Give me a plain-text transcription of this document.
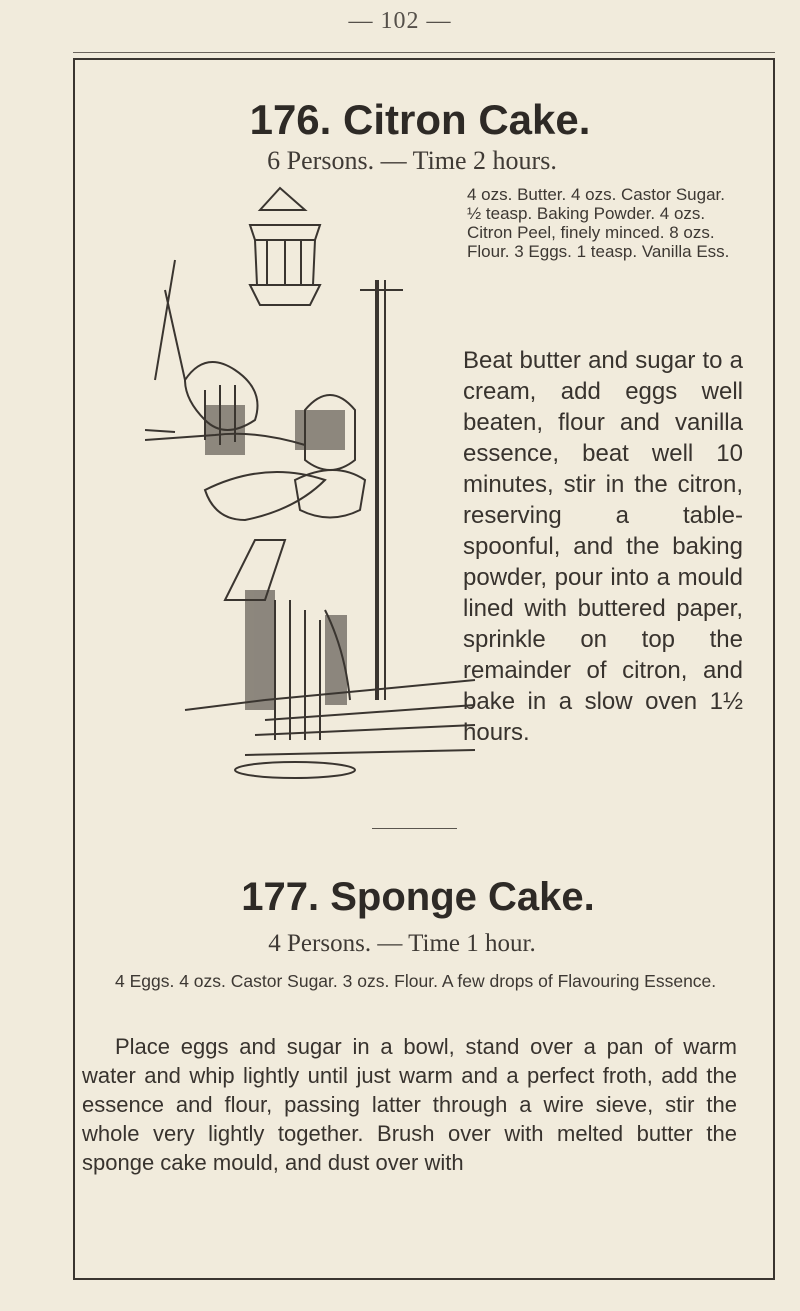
— 102 —
176. Citron Cake.
6 Persons. — Time 2 hours.
4 ozs. Butter. 4 ozs. Castor Sugar. ½ teasp. Baking Powder. 4 ozs. Citron Peel, finely minced. 8 ozs. Flour. 3 Eggs. 1 teasp. Vanilla Ess.
Beat butter and sugar to a cream, add eggs well beaten, flour and vanilla essence, beat well 10 minutes, stir in the citron, reserving a table-spoonful, and the baking powder, pour into a mould lined with buttered paper, sprinkle on top the remainder of citron, and bake in a slow oven 1½ hours.
177. Sponge Cake.
4 Persons. — Time 1 hour.
4 Eggs. 4 ozs. Castor Sugar. 3 ozs. Flour. A few drops of Flavouring Essence.
Place eggs and sugar in a bowl, stand over a pan of warm water and whip lightly until just warm and a perfect froth, add the essence and flour, passing latter through a wire sieve, stir the whole very lightly together. Brush over with melted butter the sponge cake mould, and dust over with
